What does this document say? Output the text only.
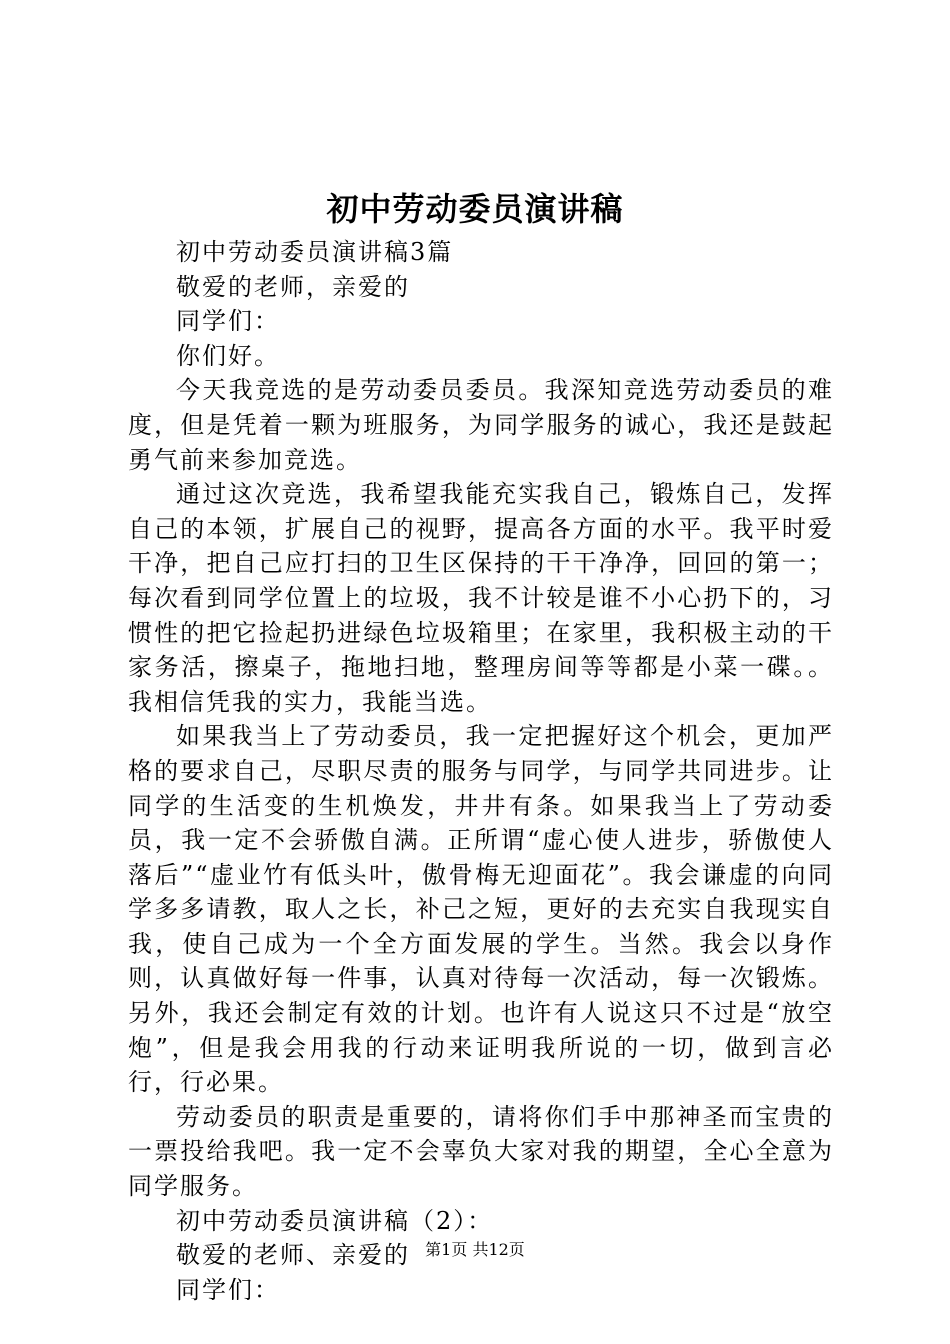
初中劳动委员演讲稿

初中劳动委员演讲稿3篇

敬爱的老师，亲爱的

同学们：

你们好。

今天我竞选的是劳动委员委员。我深知竞选劳动委员的难度，但是凭着一颗为班服务，为同学服务的诚心，我还是鼓起勇气前来参加竞选。

通过这次竞选，我希望我能充实我自己，锻炼自己，发挥自己的本领，扩展自己的视野，提高各方面的水平。我平时爱干净，把自己应打扫的卫生区保持的干干净净，回回的第一；每次看到同学位置上的垃圾，我不计较是谁不小心扔下的，习惯性的把它捡起扔进绿色垃圾箱里；在家里，我积极主动的干家务活，擦桌子，拖地扫地，整理房间等等都是小菜一碟。。我相信凭我的实力，我能当选。

如果我当上了劳动委员，我一定把握好这个机会，更加严格的要求自己，尽职尽责的服务与同学，与同学共同进步。让同学的生活变的生机焕发，井井有条。如果我当上了劳动委员，我一定不会骄傲自满。正所谓“虚心使人进步，骄傲使人落后”“虚业竹有低头叶，傲骨梅无迎面花”。我会谦虚的向同学多多请教，取人之长，补己之短，更好的去充实自我现实自我，使自己成为一个全方面发展的学生。当然。我会以身作则，认真做好每一件事，认真对待每一次活动，每一次锻炼。另外，我还会制定有效的计划。也许有人说这只不过是“放空炮”，但是我会用我的行动来证明我所说的一切，做到言必行，行必果。

劳动委员的职责是重要的，请将你们手中那神圣而宝贵的一票投给我吧。我一定不会辜负大家对我的期望，全心全意为同学服务。

初中劳动委员演讲稿（2）：

敬爱的老师、亲爱的

同学们：

第1页 共12页
